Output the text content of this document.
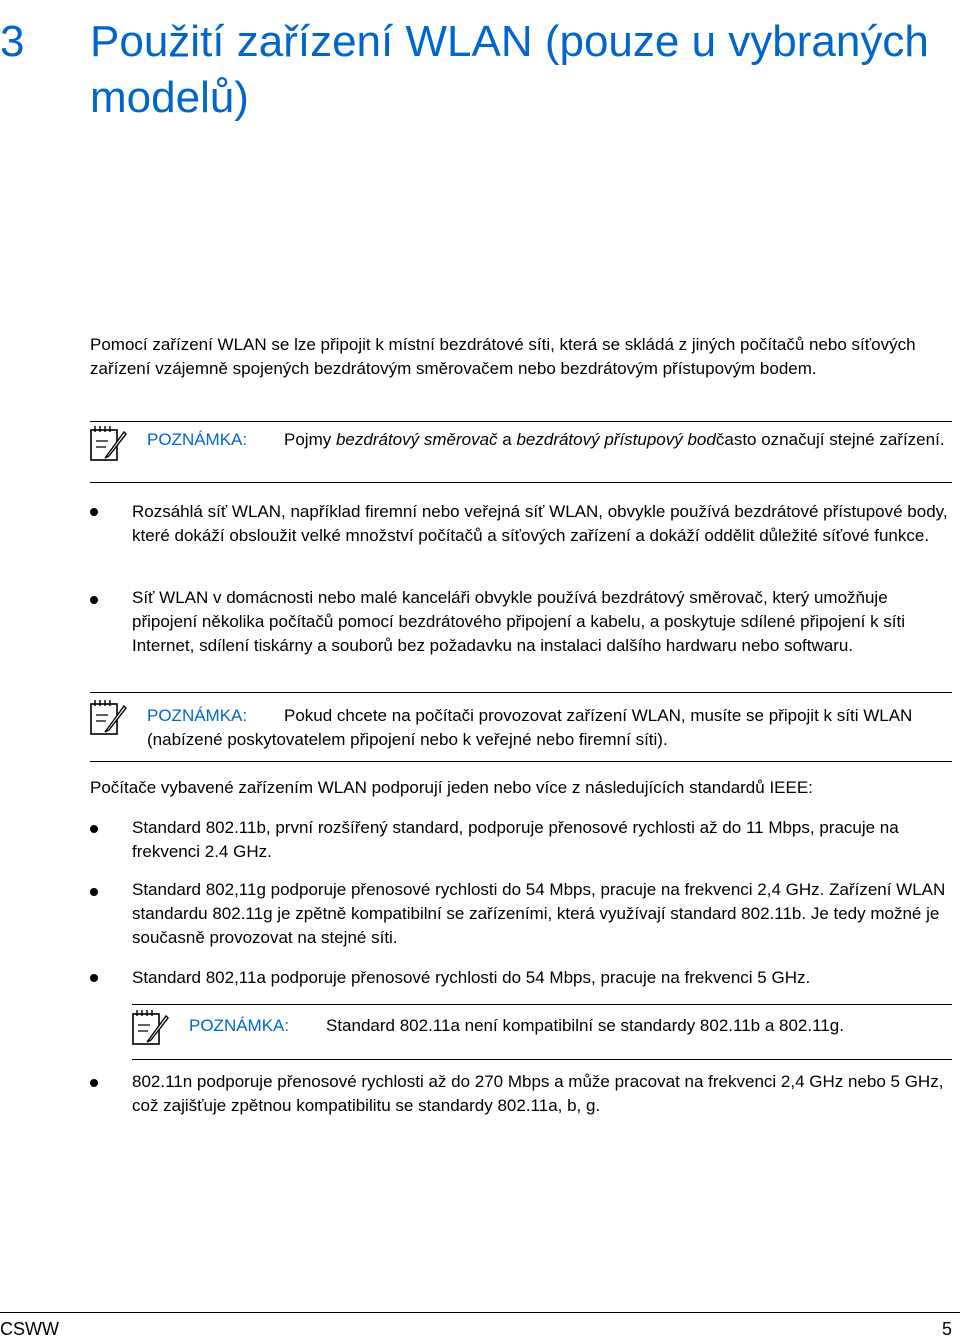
3 Použití zařízení WLAN (pouze u vybraných modelů)
Pomocí zařízení WLAN se lze připojit k místní bezdrátové síti, která se skládá z jiných počítačů nebo síťových zařízení vzájemně spojených bezdrátovým směrovačem nebo bezdrátovým přístupovým bodem.
POZNÁMKA: Pojmy bezdrátový směrovač a bezdrátový přístupový bodčasto označují stejné zařízení.
Rozsáhlá síť WLAN, například firemní nebo veřejná síť WLAN, obvykle používá bezdrátové přístupové body, které dokáží obsloužit velké množství počítačů a síťových zařízení a dokáží oddělit důležité síťové funkce.
Síť WLAN v domácnosti nebo malé kanceláři obvykle používá bezdrátový směrovač, který umožňuje připojení několika počítačů pomocí bezdrátového připojení a kabelu, a poskytuje sdílené připojení k síti Internet, sdílení tiskárny a souborů bez požadavku na instalaci dalšího hardwaru nebo softwaru.
POZNÁMKA: Pokud chcete na počítači provozovat zařízení WLAN, musíte se připojit k síti WLAN (nabízené poskytovatelem připojení nebo k veřejné nebo firemní síti).
Počítače vybavené zařízením WLAN podporují jeden nebo více z následujících standardů IEEE:
Standard 802.11b, první rozšířený standard, podporuje přenosové rychlosti až do 11 Mbps, pracuje na frekvenci 2.4 GHz.
Standard 802,11g podporuje přenosové rychlosti do 54 Mbps, pracuje na frekvenci 2,4 GHz. Zařízení WLAN standardu 802.11g je zpětně kompatibilní se zařízeními, která využívají standard 802.11b. Je tedy možné je současně provozovat na stejné síti.
Standard 802,11a podporuje přenosové rychlosti do 54 Mbps, pracuje na frekvenci 5 GHz.
POZNÁMKA: Standard 802.11a není kompatibilní se standardy 802.11b a 802.11g.
802.11n podporuje přenosové rychlosti až do 270 Mbps a může pracovat na frekvenci 2,4 GHz nebo 5 GHz, což zajišťuje zpětnou kompatibilitu se standardy 802.11a, b, g.
CSWW	5
